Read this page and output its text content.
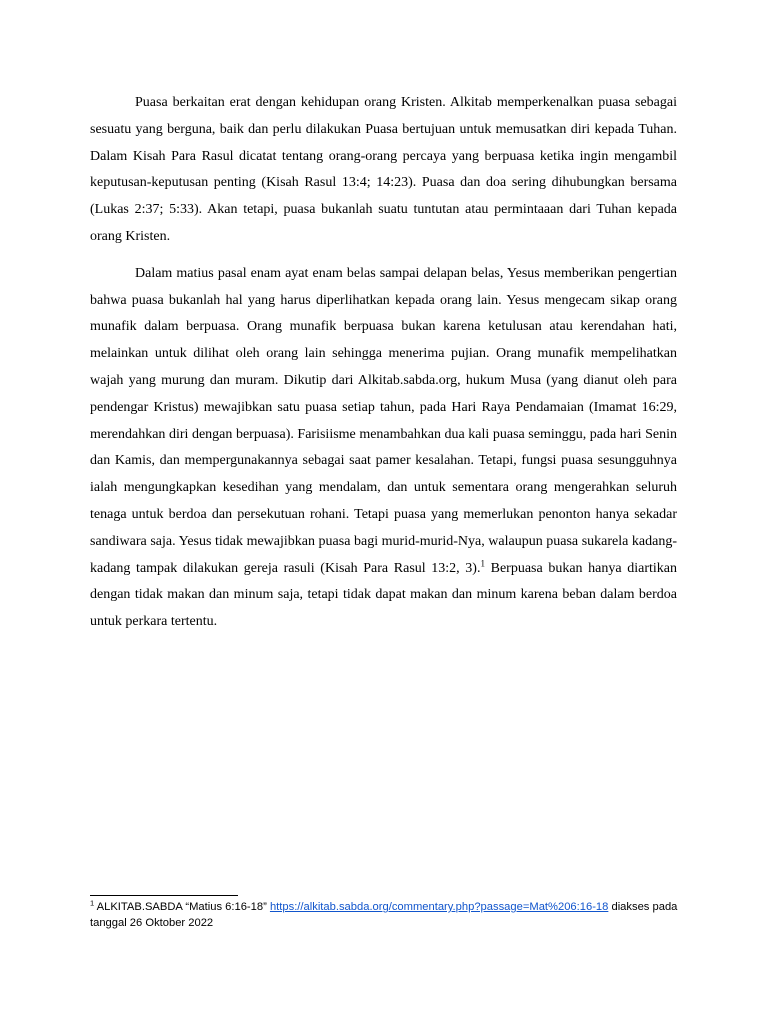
Puasa berkaitan erat dengan kehidupan orang Kristen. Alkitab memperkenalkan puasa sebagai sesuatu yang berguna, baik dan perlu dilakukan Puasa bertujuan untuk memusatkan diri kepada Tuhan. Dalam Kisah Para Rasul dicatat tentang orang-orang percaya yang berpuasa ketika ingin mengambil keputusan-keputusan penting (Kisah Rasul 13:4; 14:23). Puasa dan doa sering dihubungkan bersama (Lukas 2:37; 5:33). Akan tetapi, puasa bukanlah suatu tuntutan atau permintaaan dari Tuhan kepada orang Kristen.

Dalam matius pasal enam ayat enam belas sampai delapan belas, Yesus memberikan pengertian bahwa puasa bukanlah hal yang harus diperlihatkan kepada orang lain. Yesus mengecam sikap orang munafik dalam berpuasa. Orang munafik berpuasa bukan karena ketulusan atau kerendahan hati, melainkan untuk dilihat oleh orang lain sehingga menerima pujian. Orang munafik mempelihatkan wajah yang murung dan muram. Dikutip dari Alkitab.sabda.org, hukum Musa (yang dianut oleh para pendengar Kristus) mewajibkan satu puasa setiap tahun, pada Hari Raya Pendamaian (Imamat 16:29, merendahkan diri dengan berpuasa). Farisiisme menambahkan dua kali puasa seminggu, pada hari Senin dan Kamis, dan mempergunakannya sebagai saat pamer kesalahan. Tetapi, fungsi puasa sesungguhnya ialah mengungkapkan kesedihan yang mendalam, dan untuk sementara orang mengerahkan seluruh tenaga untuk berdoa dan persekutuan rohani. Tetapi puasa yang memerlukan penonton hanya sekadar sandiwara saja. Yesus tidak mewajibkan puasa bagi murid-murid-Nya, walaupun puasa sukarela kadang-kadang tampak dilakukan gereja rasuli (Kisah Para Rasul 13:2, 3).$^1$ Berpuasa bukan hanya diartikan dengan tidak makan dan minum saja, tetapi tidak dapat makan dan minum karena beban dalam berdoa untuk perkara tertentu.

$^1$ ALKITAB.SABDA “Matius 6:16-18” https://alkitab.sabda.org/commentary.php?passage=Mat%206:16-18 diakses pada tanggal 26 Oktober 2022
